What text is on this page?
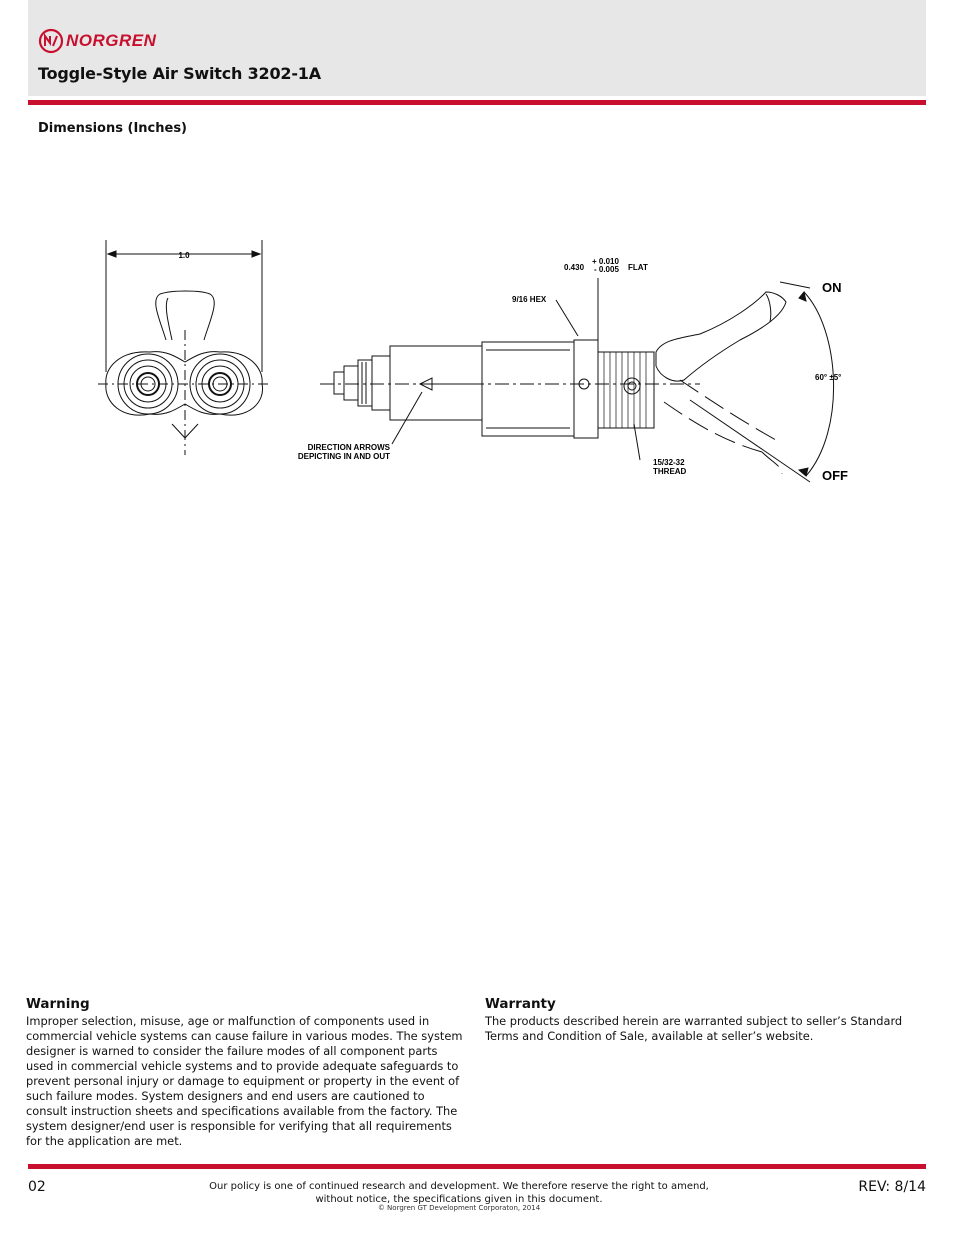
NORGREN
Toggle-Style Air Switch 3202-1A
Dimensions (Inches)
1.0
0.430
+ 0.010
- 0.005 FLAT
9/16 HEX
DIRECTION ARROWS
DEPICTING IN AND OUT
15/32-32
THREAD
60° ±5°
ON
OFF
Warning
Improper selection, misuse, age or malfunction of components used in commercial vehicle systems can cause failure in various modes. The system designer is warned to consider the failure modes of all component parts used in commercial vehicle systems and to provide adequate safeguards to prevent personal injury or damage to equipment or property in the event of such failure modes. System designers and end users are cautioned to consult instruction sheets and specifications available from the factory. The system designer/end user is responsible for verifying that all requirements for the application are met.
Warranty
The products described herein are warranted subject to seller’s Standard Terms and Condition of Sale, available at seller’s website.
02	Our policy is one of continued research and development. We therefore reserve the right to amend,
without notice, the specifications given in this document.
© Norgren GT Development Corporaton, 2014
REV: 8/14
